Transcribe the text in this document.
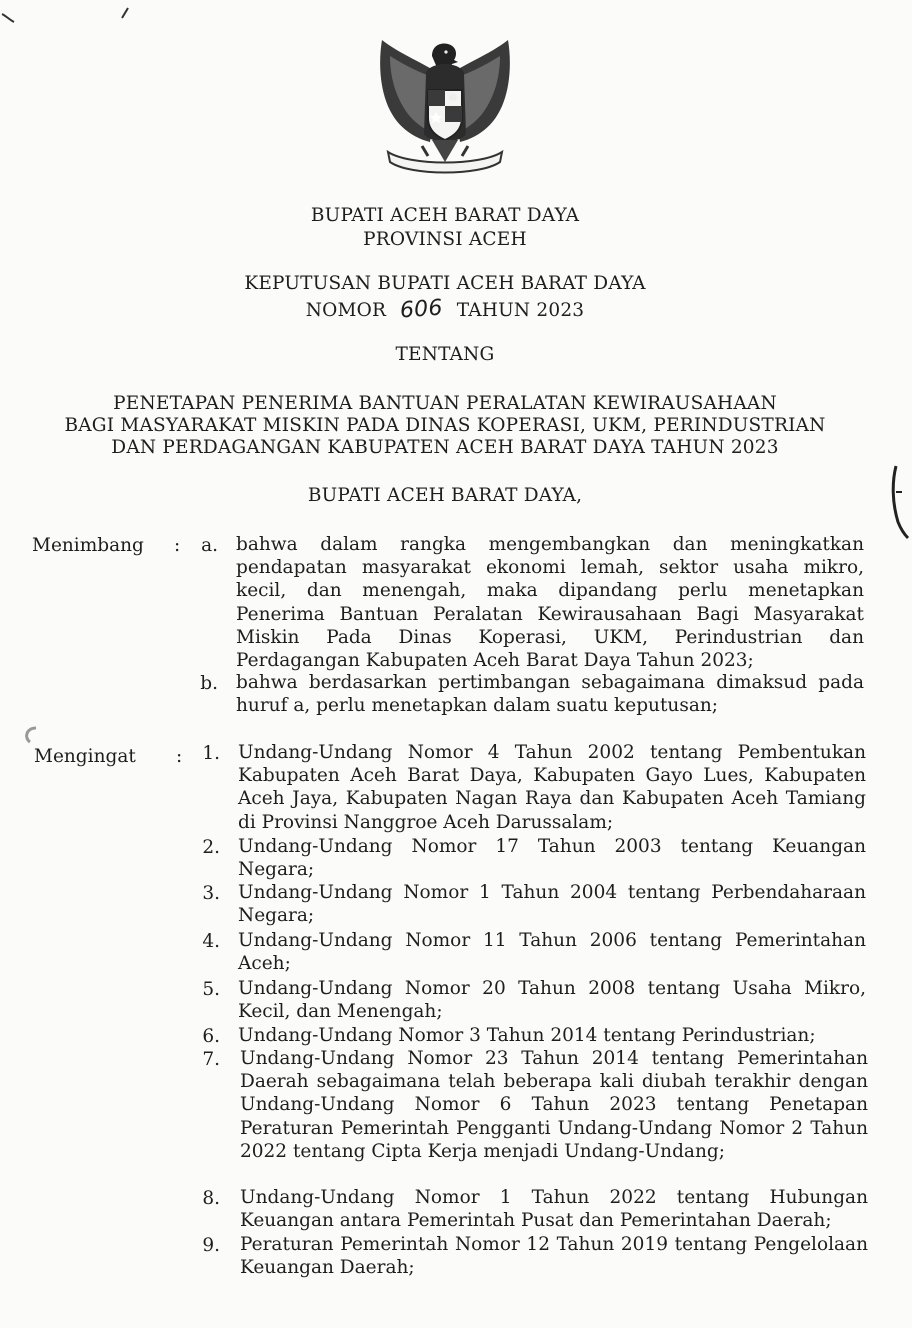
BUPATI ACEH BARAT DAYA
PROVINSI ACEH
KEPUTUSAN BUPATI ACEH BARAT DAYA
NOMOR 606 TAHUN 2023
TENTANG
PENETAPAN PENERIMA BANTUAN PERALATAN KEWIRAUSAHAAN
BAGI MASYARAKAT MISKIN PADA DINAS KOPERASI, UKM, PERINDUSTRIAN
DAN PERDAGANGAN KABUPATEN ACEH BARAT DAYA TAHUN 2023
BUPATI ACEH BARAT DAYA,
Menimbang :	a. bahwa dalam rangka mengembangkan dan meningkatkan pendapatan masyarakat ekonomi lemah, sektor usaha mikro, kecil, dan menengah, maka dipandang perlu menetapkan Penerima Bantuan Peralatan Kewirausahaan Bagi Masyarakat Miskin Pada Dinas Koperasi, UKM, Perindustrian dan Perdagangan Kabupaten Aceh Barat Daya Tahun 2023;
b. bahwa berdasarkan pertimbangan sebagaimana dimaksud pada huruf a, perlu menetapkan dalam suatu keputusan;
Mengingat :	1. Undang-Undang Nomor 4 Tahun 2002 tentang Pembentukan Kabupaten Aceh Barat Daya, Kabupaten Gayo Lues, Kabupaten Aceh Jaya, Kabupaten Nagan Raya dan Kabupaten Aceh Tamiang di Provinsi Nanggroe Aceh Darussalam;
2. Undang-Undang Nomor 17 Tahun 2003 tentang Keuangan Negara;
3. Undang-Undang Nomor 1 Tahun 2004 tentang Perbendaharaan Negara;
4. Undang-Undang Nomor 11 Tahun 2006 tentang Pemerintahan Aceh;
5. Undang-Undang Nomor 20 Tahun 2008 tentang Usaha Mikro, Kecil, dan Menengah;
6. Undang-Undang Nomor 3 Tahun 2014 tentang Perindustrian;
7. Undang-Undang Nomor 23 Tahun 2014 tentang Pemerintahan Daerah sebagaimana telah beberapa kali diubah terakhir dengan Undang-Undang Nomor 6 Tahun 2023 tentang Penetapan Peraturan Pemerintah Pengganti Undang-Undang Nomor 2 Tahun 2022 tentang Cipta Kerja menjadi Undang-Undang;
8. Undang-Undang Nomor 1 Tahun 2022 tentang Hubungan Keuangan antara Pemerintah Pusat dan Pemerintahan Daerah;
9. Peraturan Pemerintah Nomor 12 Tahun 2019 tentang Pengelolaan Keuangan Daerah;
